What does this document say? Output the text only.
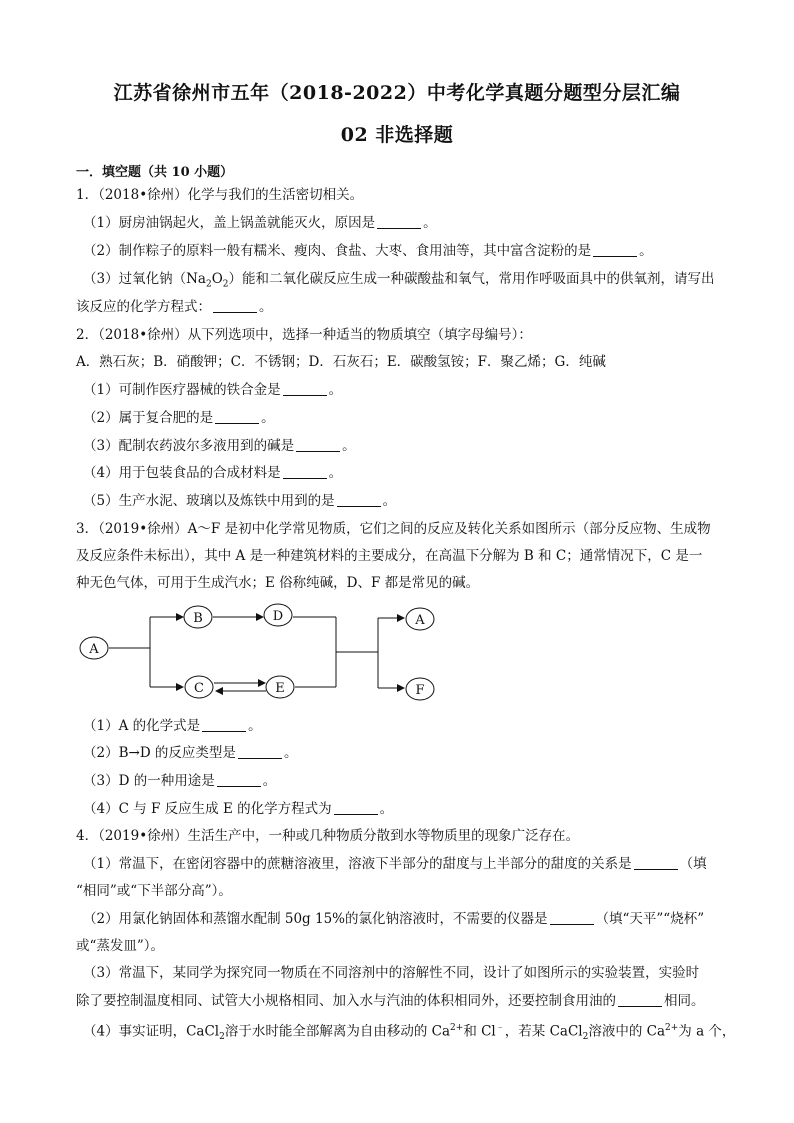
江苏省徐州市五年（2018-2022）中考化学真题分题型分层汇编
02 非选择题
一．填空题（共 10 小题）
1．（2018•徐州）化学与我们的生活密切相关。
（1）厨房油锅起火，盖上锅盖就能灭火，原因是	。
（2）制作粽子的原料一般有糯米、瘦肉、食盐、大枣、食用油等，其中富含淀粉的是	。
（3）过氧化钠$(Na_2O_2)$能和二氧化碳反应生成一种碳酸盐和氧气，常用作呼吸面具中的供氧剂，请写出
该反应的化学方程式：	。
2．（2018•徐州）从下列选项中，选择一种适当的物质填空（填字母编号）：
A．熟石灰；B．硝酸钾；C．不锈钢；D．石灰石；E．碳酸氢铵；F．聚乙烯；G．纯碱
（1）可制作医疗器械的铁合金是	。
（2）属于复合肥的是	。
（3）配制农药波尔多液用到的碱是	。
（4）用于包装食品的合成材料是	。
（5）生产水泥、玻璃以及炼铁中用到的是	。
3．（2019•徐州）A～F 是初中化学常见物质，它们之间的反应及转化关系如图所示（部分反应物、生成物
及反应条件未标出），其中 A 是一种建筑材料的主要成分，在高温下分解为 B 和 C；通常情况下，C 是一
种无色气体，可用于生成汽水；E 俗称纯碱，D、F 都是常见的碱。
A
B	D
C	E
A
F
（1）A 的化学式是	。
（2）B→D 的反应类型是	。
（3）D 的一种用途是	。
（4）C 与 F 反应生成 E 的化学方程式为	。
4．（2019•徐州）生活生产中，一种或几种物质分散到水等物质里的现象广泛存在。
（1）常温下，在密闭容器中的蔗糖溶液里，溶液下半部分的甜度与上半部分的甜度的关系是	（填
“相同”或“下半部分高”）。
（2）用氯化钠固体和蒸馏水配制 50g 15%的氯化钠溶液时，不需要的仪器是	（填“天平”“烧杯”
或“蒸发皿”）。
（3）常温下，某同学为探究同一物质在不同溶剂中的溶解性不同，设计了如图所示的实验装置，实验时
除了要控制温度相同、试管大小规格相同、加入水与汽油的体积相同外，还要控制食用油的	相同。
（4）事实证明，CaCl$_2$溶于水时能全部解离为自由移动的 $Ca^{2+}$和 Cl﹣，若某 CaCl$_2$溶液中的 $Ca^{2+}$为 a 个，
